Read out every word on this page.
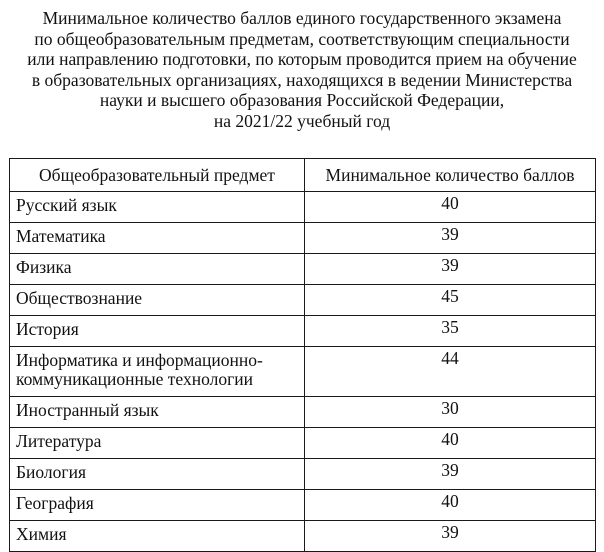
Минимальное количество баллов единого государственного экзамена
по общеобразовательным предметам, соответствующим специальности
или направлению подготовки, по которым проводится прием на обучение
в образовательных организациях, находящихся в ведении Министерства
науки и высшего образования Российской Федерации,
на 2021/22 учебный год
Общеобразовательный предмет	Минимальное количество баллов
Русский язык	40
Математика	39
Физика	39
Обществознание	45
История	35
Информатика и информационно-
коммуникационные технологии	44
Иностранный язык	30
Литература	40
Биология	39
География	40
Химия	39
